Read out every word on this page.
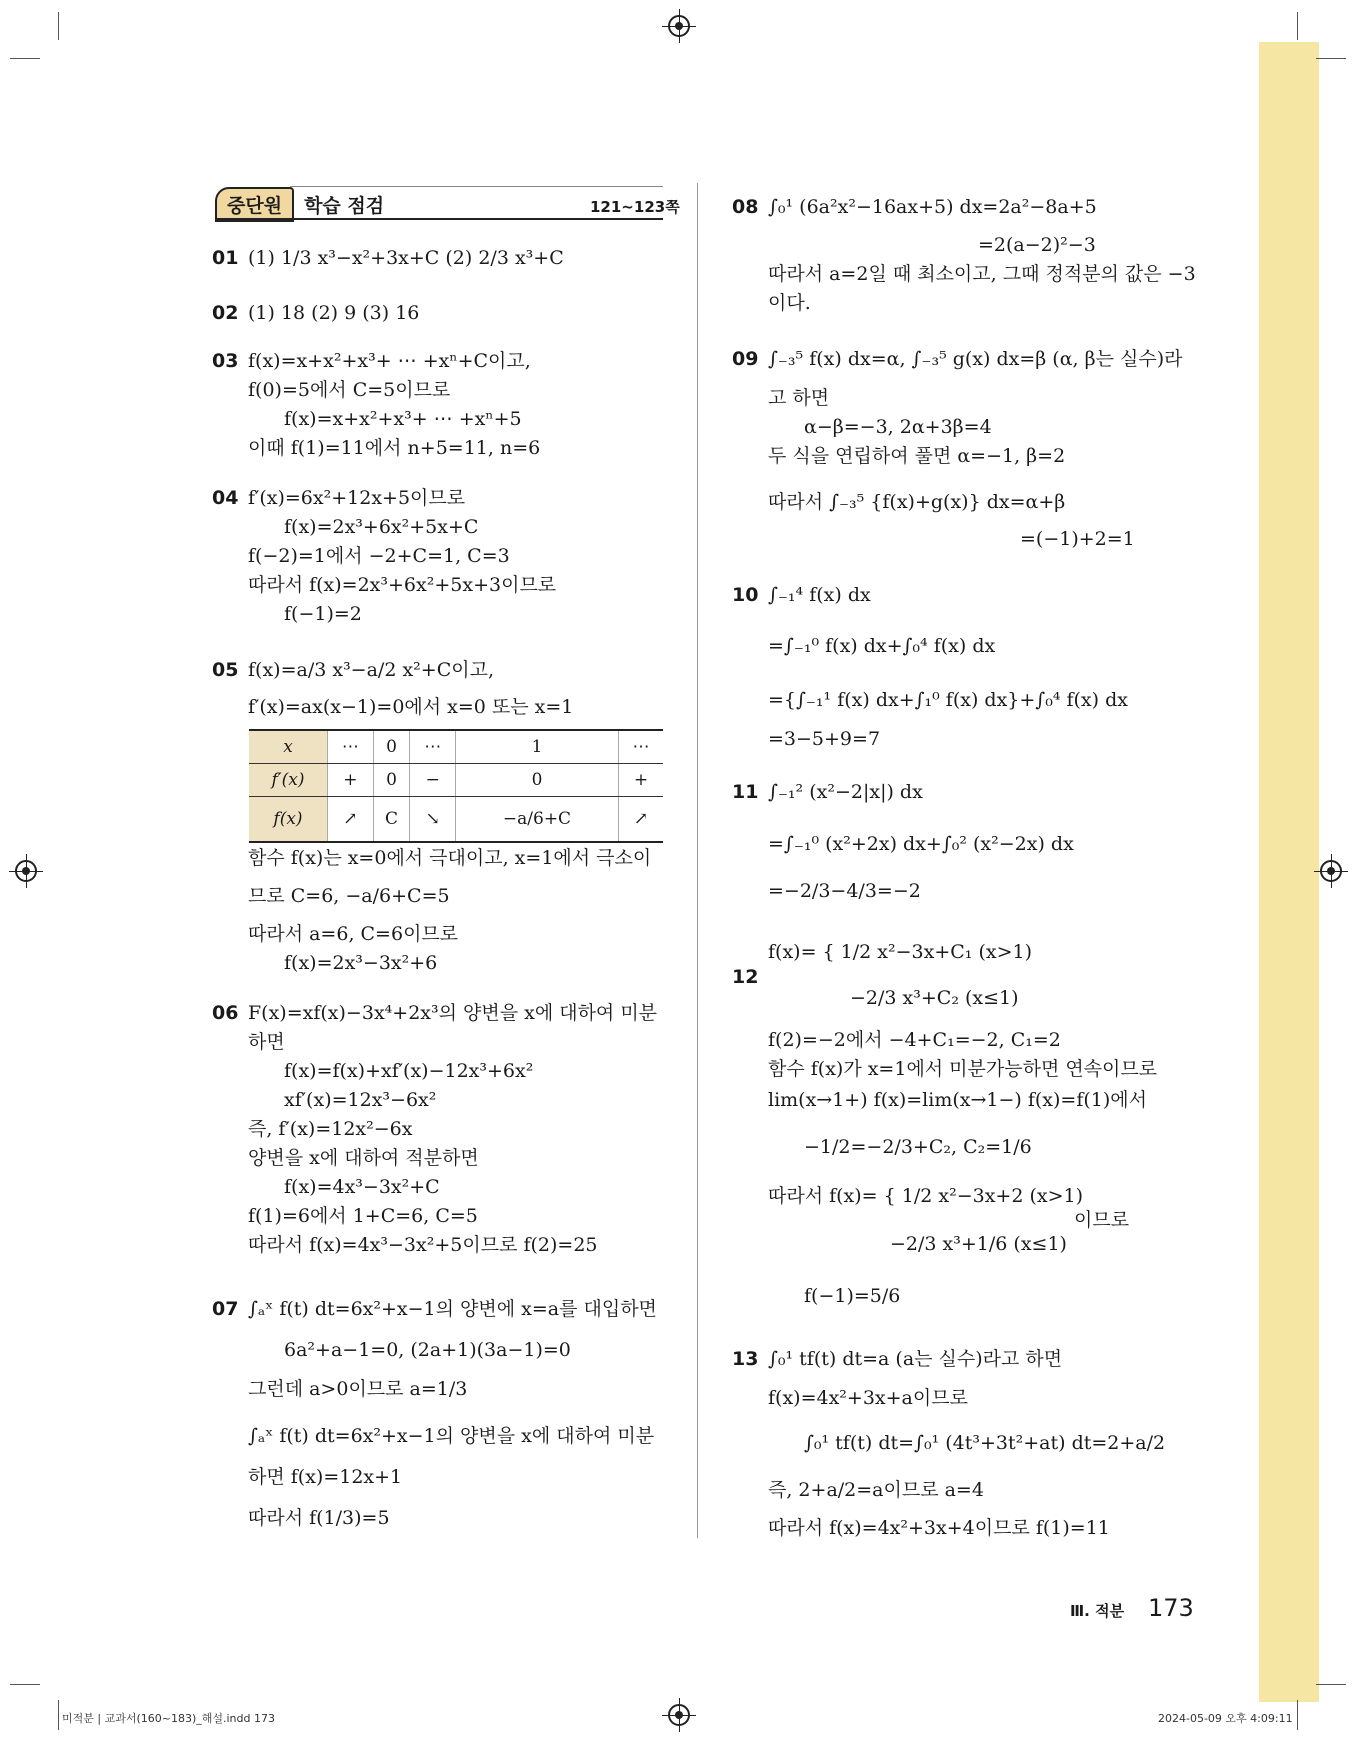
중단원	학습 점검	121~123쪽
01 (1) 1/3 x³−x²+3x+C (2) 2/3 x³+C
02 (1) 18 (2) 9 (3) 16
03 f(x)=x+x²+x³+ ⋯ +xⁿ+C이고,
f(0)=5에서 C=5이므로
f(x)=x+x²+x³+ ⋯ +xⁿ+5
이때 f(1)=11에서 n+5=11, n=6
04 f′(x)=6x²+12x+5이므로
f(x)=2x³+6x²+5x+C
f(−2)=1에서 −2+C=1, C=3
따라서 f(x)=2x³+6x²+5x+3이므로
f(−1)=2
05 f(x)=a/3 x³−a/2 x²+C이고,
f′(x)=ax(x−1)=0에서 x=0 또는 x=1
x	⋯	0	⋯	1	⋯
f′(x)	+	0	−	0	+
f(x)	↗	C	↘	−a/6+C	↗
함수 f(x)는 x=0에서 극대이고, x=1에서 극소이
므로 C=6, −a/6+C=5
따라서 a=6, C=6이므로
f(x)=2x³−3x²+6
06 F(x)=xf(x)−3x⁴+2x³의 양변을 x에 대하여 미분
하면
f(x)=f(x)+xf′(x)−12x³+6x²
xf′(x)=12x³−6x²
즉, f′(x)=12x²−6x
양변을 x에 대하여 적분하면
f(x)=4x³−3x²+C
f(1)=6에서 1+C=6, C=5
따라서 f(x)=4x³−3x²+5이므로 f(2)=25
07 ∫ₐˣ f(t) dt=6x²+x−1의 양변에 x=a를 대입하면
6a²+a−1=0, (2a+1)(3a−1)=0
그런데 a>0이므로 a=1/3
∫ₐˣ f(t) dt=6x²+x−1의 양변을 x에 대하여 미분
하면 f(x)=12x+1
따라서 f(1/3)=5
08 ∫₀¹ (6a²x²−16ax+5) dx=2a²−8a+5
=2(a−2)²−3
따라서 a=2일 때 최소이고, 그때 정적분의 값은 −3
이다.
09 ∫₋₃⁵ f(x) dx=α, ∫₋₃⁵ g(x) dx=β (α, β는 실수)라
고 하면
α−β=−3, 2α+3β=4
두 식을 연립하여 풀면 α=−1, β=2
따라서 ∫₋₃⁵ {f(x)+g(x)} dx=α+β
=(−1)+2=1
10 ∫₋₁⁴ f(x) dx
=∫₋₁⁰ f(x) dx+∫₀⁴ f(x) dx
={∫₋₁¹ f(x) dx+∫₁⁰ f(x) dx}+∫₀⁴ f(x) dx
=3−5+9=7
11 ∫₋₁² (x²−2|x|) dx
=∫₋₁⁰ (x²+2x) dx+∫₀² (x²−2x) dx
=−2/3−4/3=−2
12
f(x)= { 1/2 x²−3x+C₁ (x>1)
−2/3 x³+C₂ (x≤1)
f(2)=−2에서 −4+C₁=−2, C₁=2
함수 f(x)가 x=1에서 미분가능하면 연속이므로
lim(x→1+) f(x)=lim(x→1−) f(x)=f(1)에서
−1/2=−2/3+C₂, C₂=1/6
따라서 f(x)= { 1/2 x²−3x+2 (x>1)
−2/3 x³+1/6 (x≤1)
이므로
f(−1)=5/6
13 ∫₀¹ tf(t) dt=a (a는 실수)라고 하면
f(x)=4x²+3x+a이므로
∫₀¹ tf(t) dt=∫₀¹ (4t³+3t²+at) dt=2+a/2
즉, 2+a/2=a이므로 a=4
따라서 f(x)=4x²+3x+4이므로 f(1)=11
Ⅲ. 적분 173
미적분 | 교과서(160~183)_해설.indd 173	2024-05-09 오후 4:09:11
